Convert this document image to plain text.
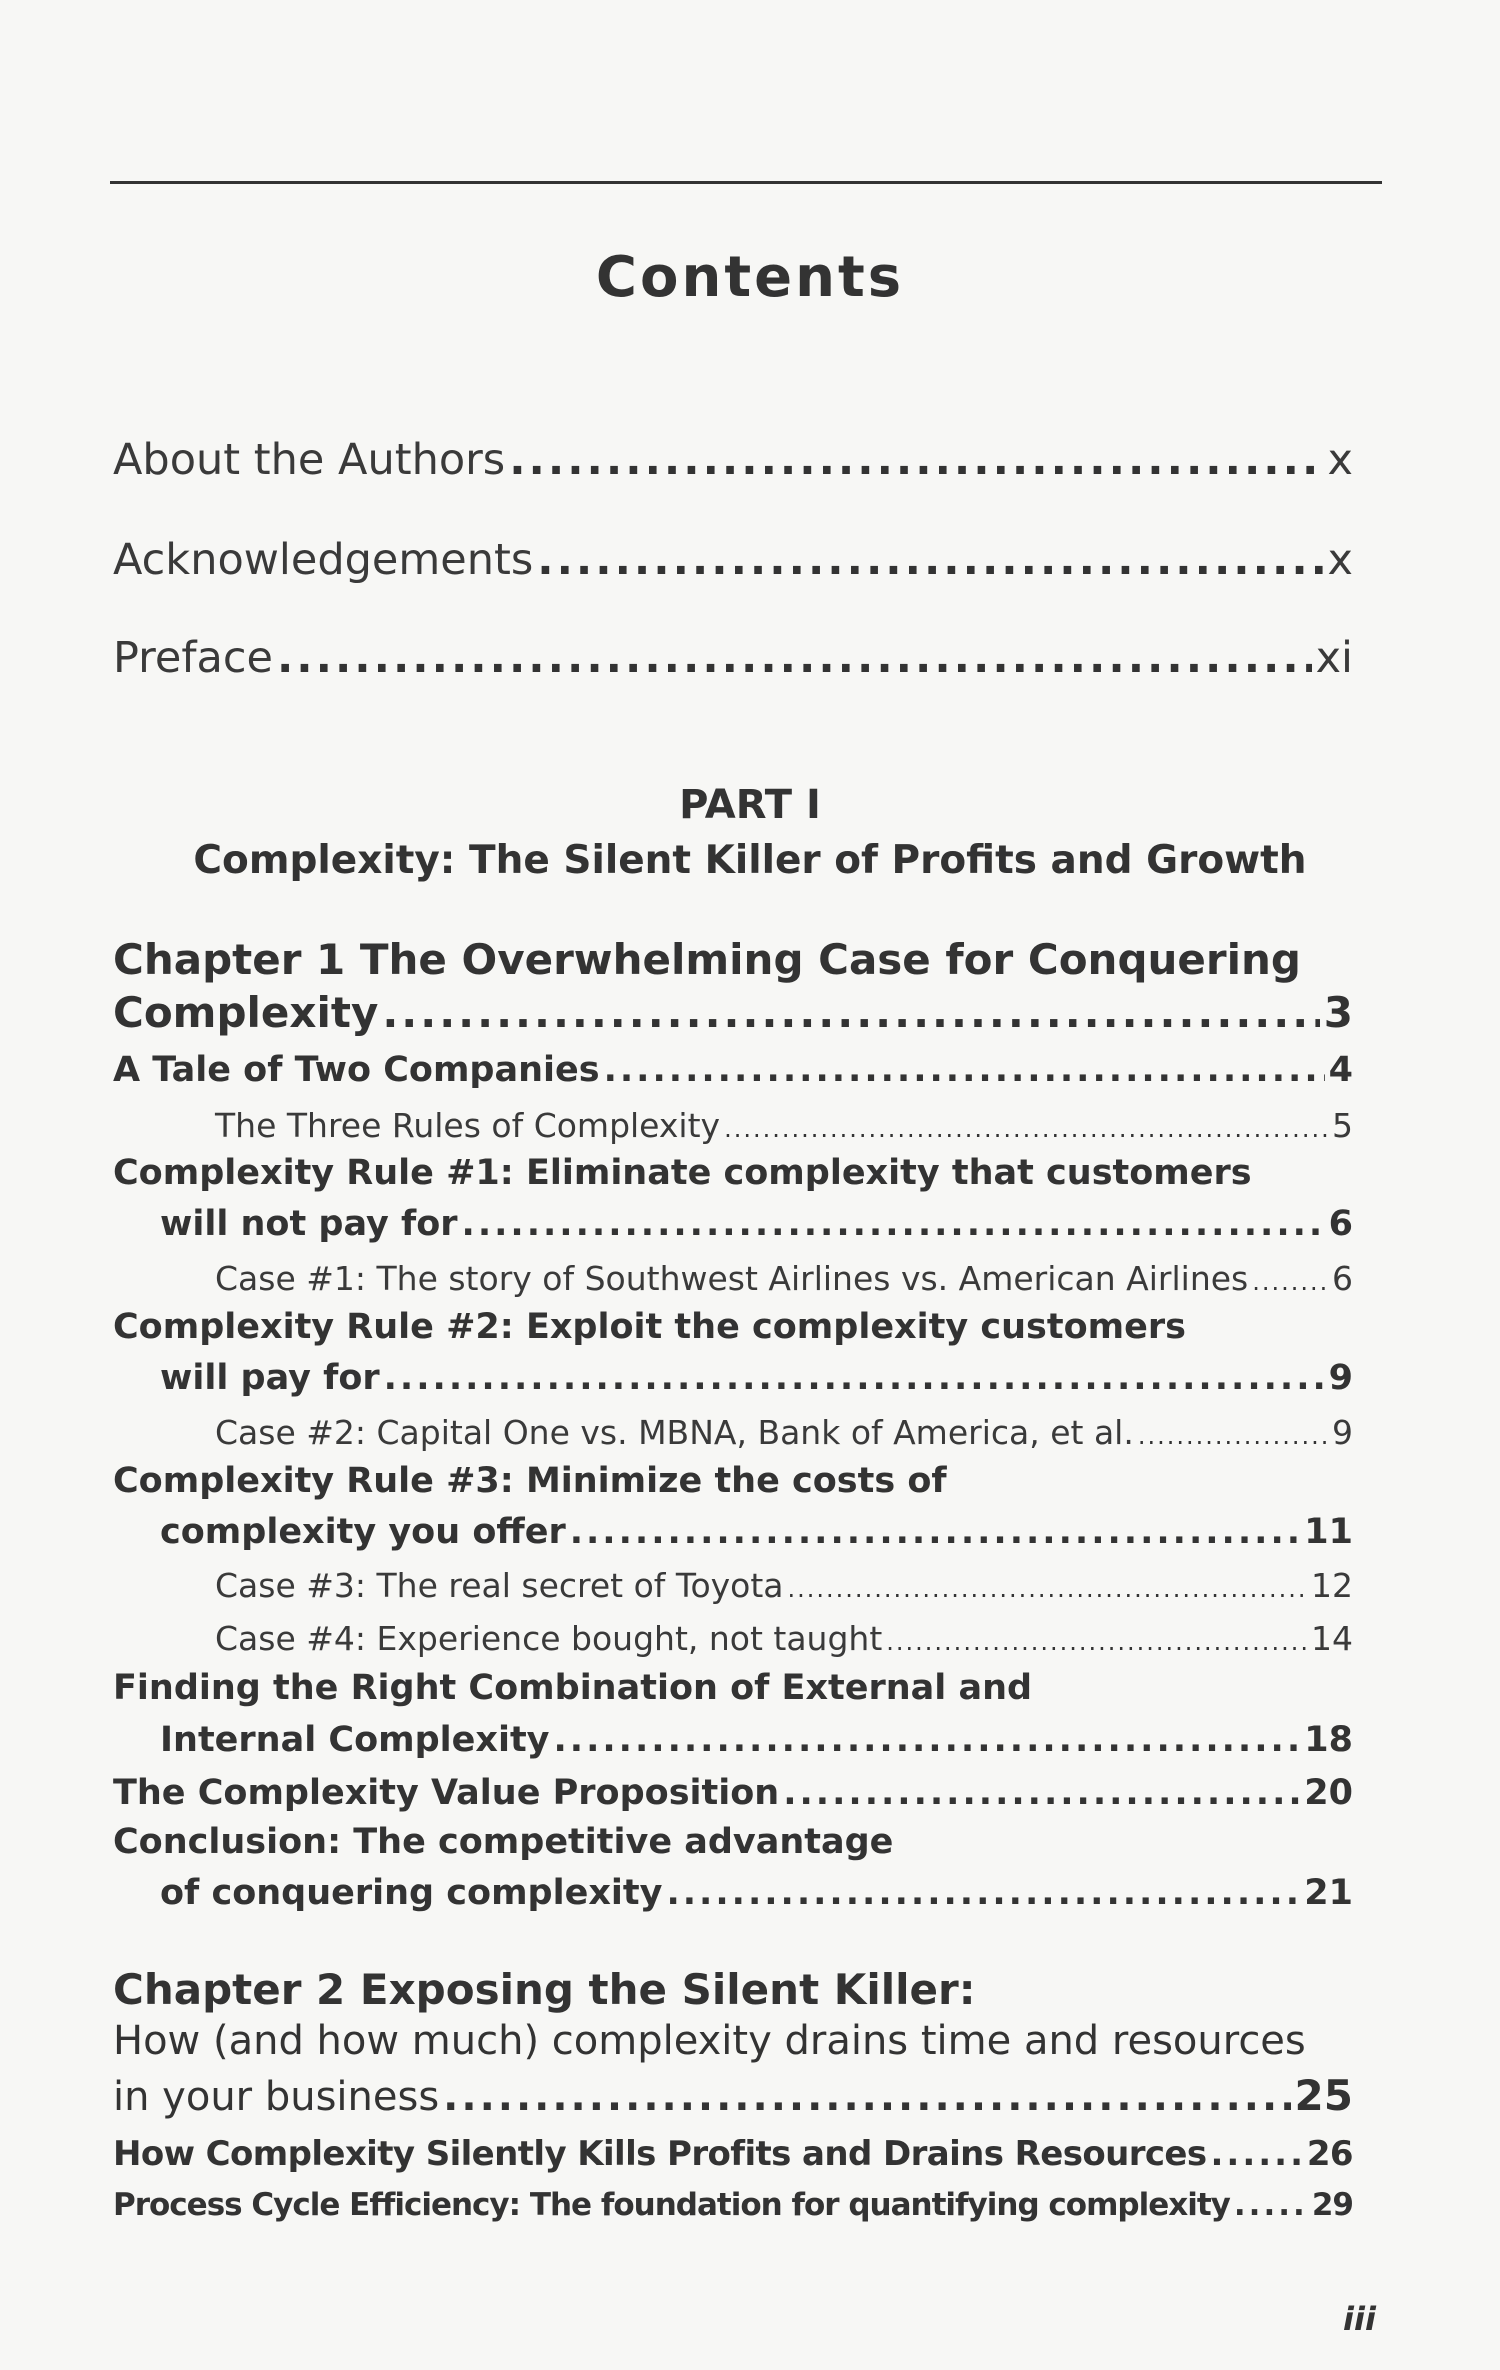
Contents
About the Authors .....	x
Acknowledgements .....	x
Preface .....	xi
PART I
Complexity: The Silent Killer of Profits and Growth
Chapter 1 The Overwhelming Case for Conquering
Complexity .....	3
A Tale of Two Companies .....	4
The Three Rules of Complexity .....	5
Complexity Rule #1: Eliminate complexity that customers
will not pay for .....	6
Case #1: The story of Southwest Airlines vs. American Airlines .....	6
Complexity Rule #2: Exploit the complexity customers
will pay for .....	9
Case #2: Capital One vs. MBNA, Bank of America, et al. .....	9
Complexity Rule #3: Minimize the costs of
complexity you offer .....	11
Case #3: The real secret of Toyota .....	12
Case #4: Experience bought, not taught .....	14
Finding the Right Combination of External and
Internal Complexity .....	18
The Complexity Value Proposition .....	20
Conclusion: The competitive advantage
of conquering complexity .....	21
Chapter 2 Exposing the Silent Killer:
How (and how much) complexity drains time and resources
in your business .....	25
How Complexity Silently Kills Profits and Drains Resources .....	26
Process Cycle Efficiency: The foundation for quantifying complexity .....	29
iii
